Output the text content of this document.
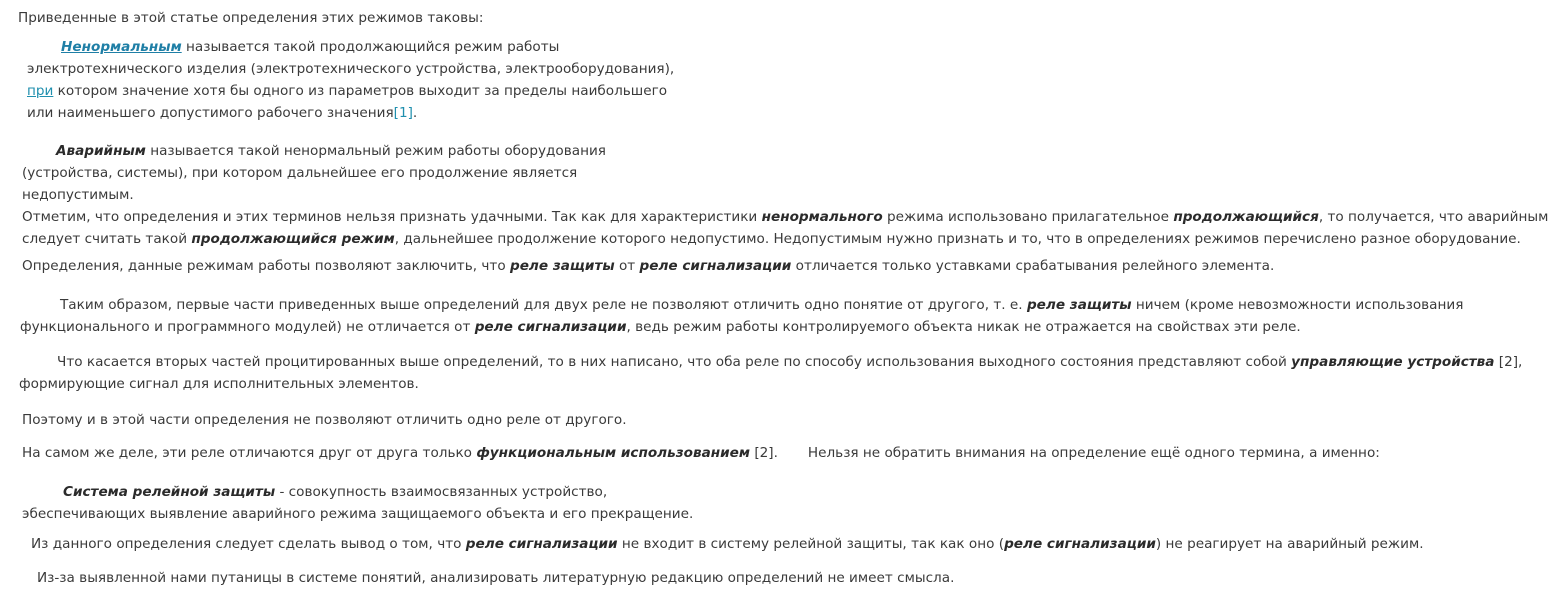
Приведенные в этой статье определения этих режимов таковы:
Ненормальным называется такой продолжающийся режим работы
электротехнического изделия (электротехнического устройства, электрооборудования),
при котором значение хотя бы одного из параметров выходит за пределы наибольшего
или наименьшего допустимого рабочего значения[1].
Аварийным называется такой ненормальный режим работы оборудования
(устройства, системы), при котором дальнейшее его продолжение является
недопустимым.
Отметим, что определения и этих терминов нельзя признать удачными. Так как для характеристики ненормального режима использовано прилагательное продолжающийся, то получается, что аварийным
следует считать такой продолжающийся режим, дальнейшее продолжение которого недопустимо. Недопустимым нужно признать и то, что в определениях режимов перечислено разное оборудование.
Определения, данные режимам работы позволяют заключить, что реле защиты от реле сигнализации отличается только уставками срабатывания релейного элемента.
Таким образом, первые части приведенных выше определений для двух реле не позволяют отличить одно понятие от другого, т. е. реле защиты ничем (кроме невозможности использования
функционального и программного модулей) не отличается от реле сигнализации, ведь режим работы контролируемого объекта никак не отражается на свойствах эти реле.
Что касается вторых частей процитированных выше определений, то в них написано, что оба реле по способу использования выходного состояния представляют собой управляющие устройства [2],
формирующие сигнал для исполнительных элементов.
Поэтому и в этой части определения не позволяют отличить одно реле от другого.
На самом же деле, эти реле отличаются друг от друга только функциональным использованием [2]. Нельзя не обратить внимания на определение ещё одного термина, а именно:
Система релейной защиты - совокупность взаимосвязанных устройство,
эбеспечивающих выявление аварийного режима защищаемого объекта и его прекращение.
Из данного определения следует сделать вывод о том, что реле сигнализации не входит в систему релейной защиты, так как оно (реле сигнализации) не реагирует на аварийный режим.
Из-за выявленной нами путаницы в системе понятий, анализировать литературную редакцию определений не имеет смысла.
